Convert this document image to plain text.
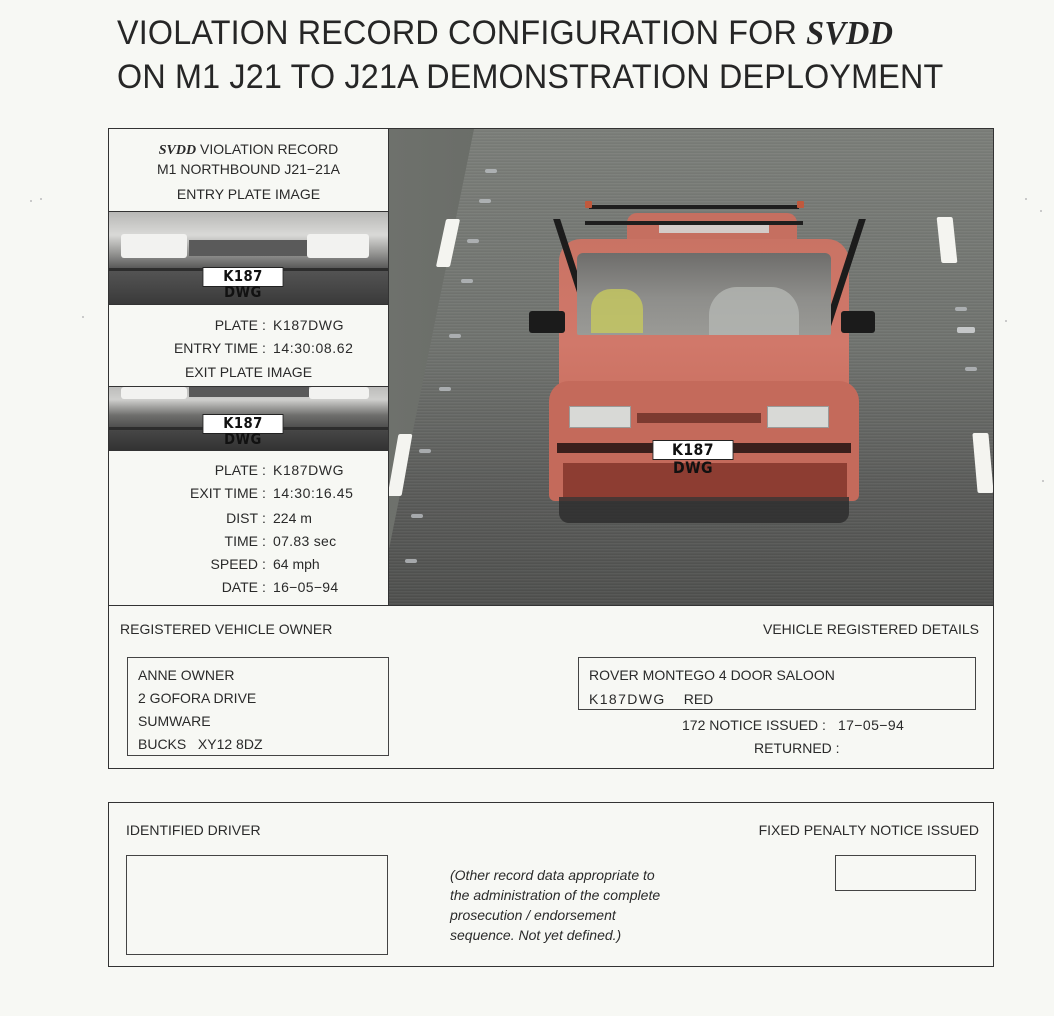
VIOLATION RECORD CONFIGURATION FOR SVDD
ON M1 J21 TO J21A DEMONSTRATION DEPLOYMENT
SVDD VIOLATION RECORD
M1 NORTHBOUND J21−21A
ENTRY PLATE IMAGE
K187 DWG
PLATE : K187DWG
ENTRY TIME : 14:30:08.62
EXIT PLATE IMAGE
K187 DWG
PLATE : K187DWG
EXIT TIME : 14:30:16.45
DIST : 224 m
TIME : 07.83 sec
SPEED : 64 mph
DATE : 16−05−94
K187 DWG
REGISTERED VEHICLE OWNER
ANNE OWNER
2 GOFORA DRIVE
SUMWARE
BUCKS   XY12 8DZ
VEHICLE REGISTERED DETAILS
ROVER MONTEGO 4 DOOR SALOON
K187DWG RED
172 NOTICE ISSUED : 17−05−94
RETURNED :
IDENTIFIED DRIVER
(Other record data appropriate to
the administration of the complete
prosecution / endorsement
sequence. Not yet defined.)
FIXED PENALTY NOTICE ISSUED
